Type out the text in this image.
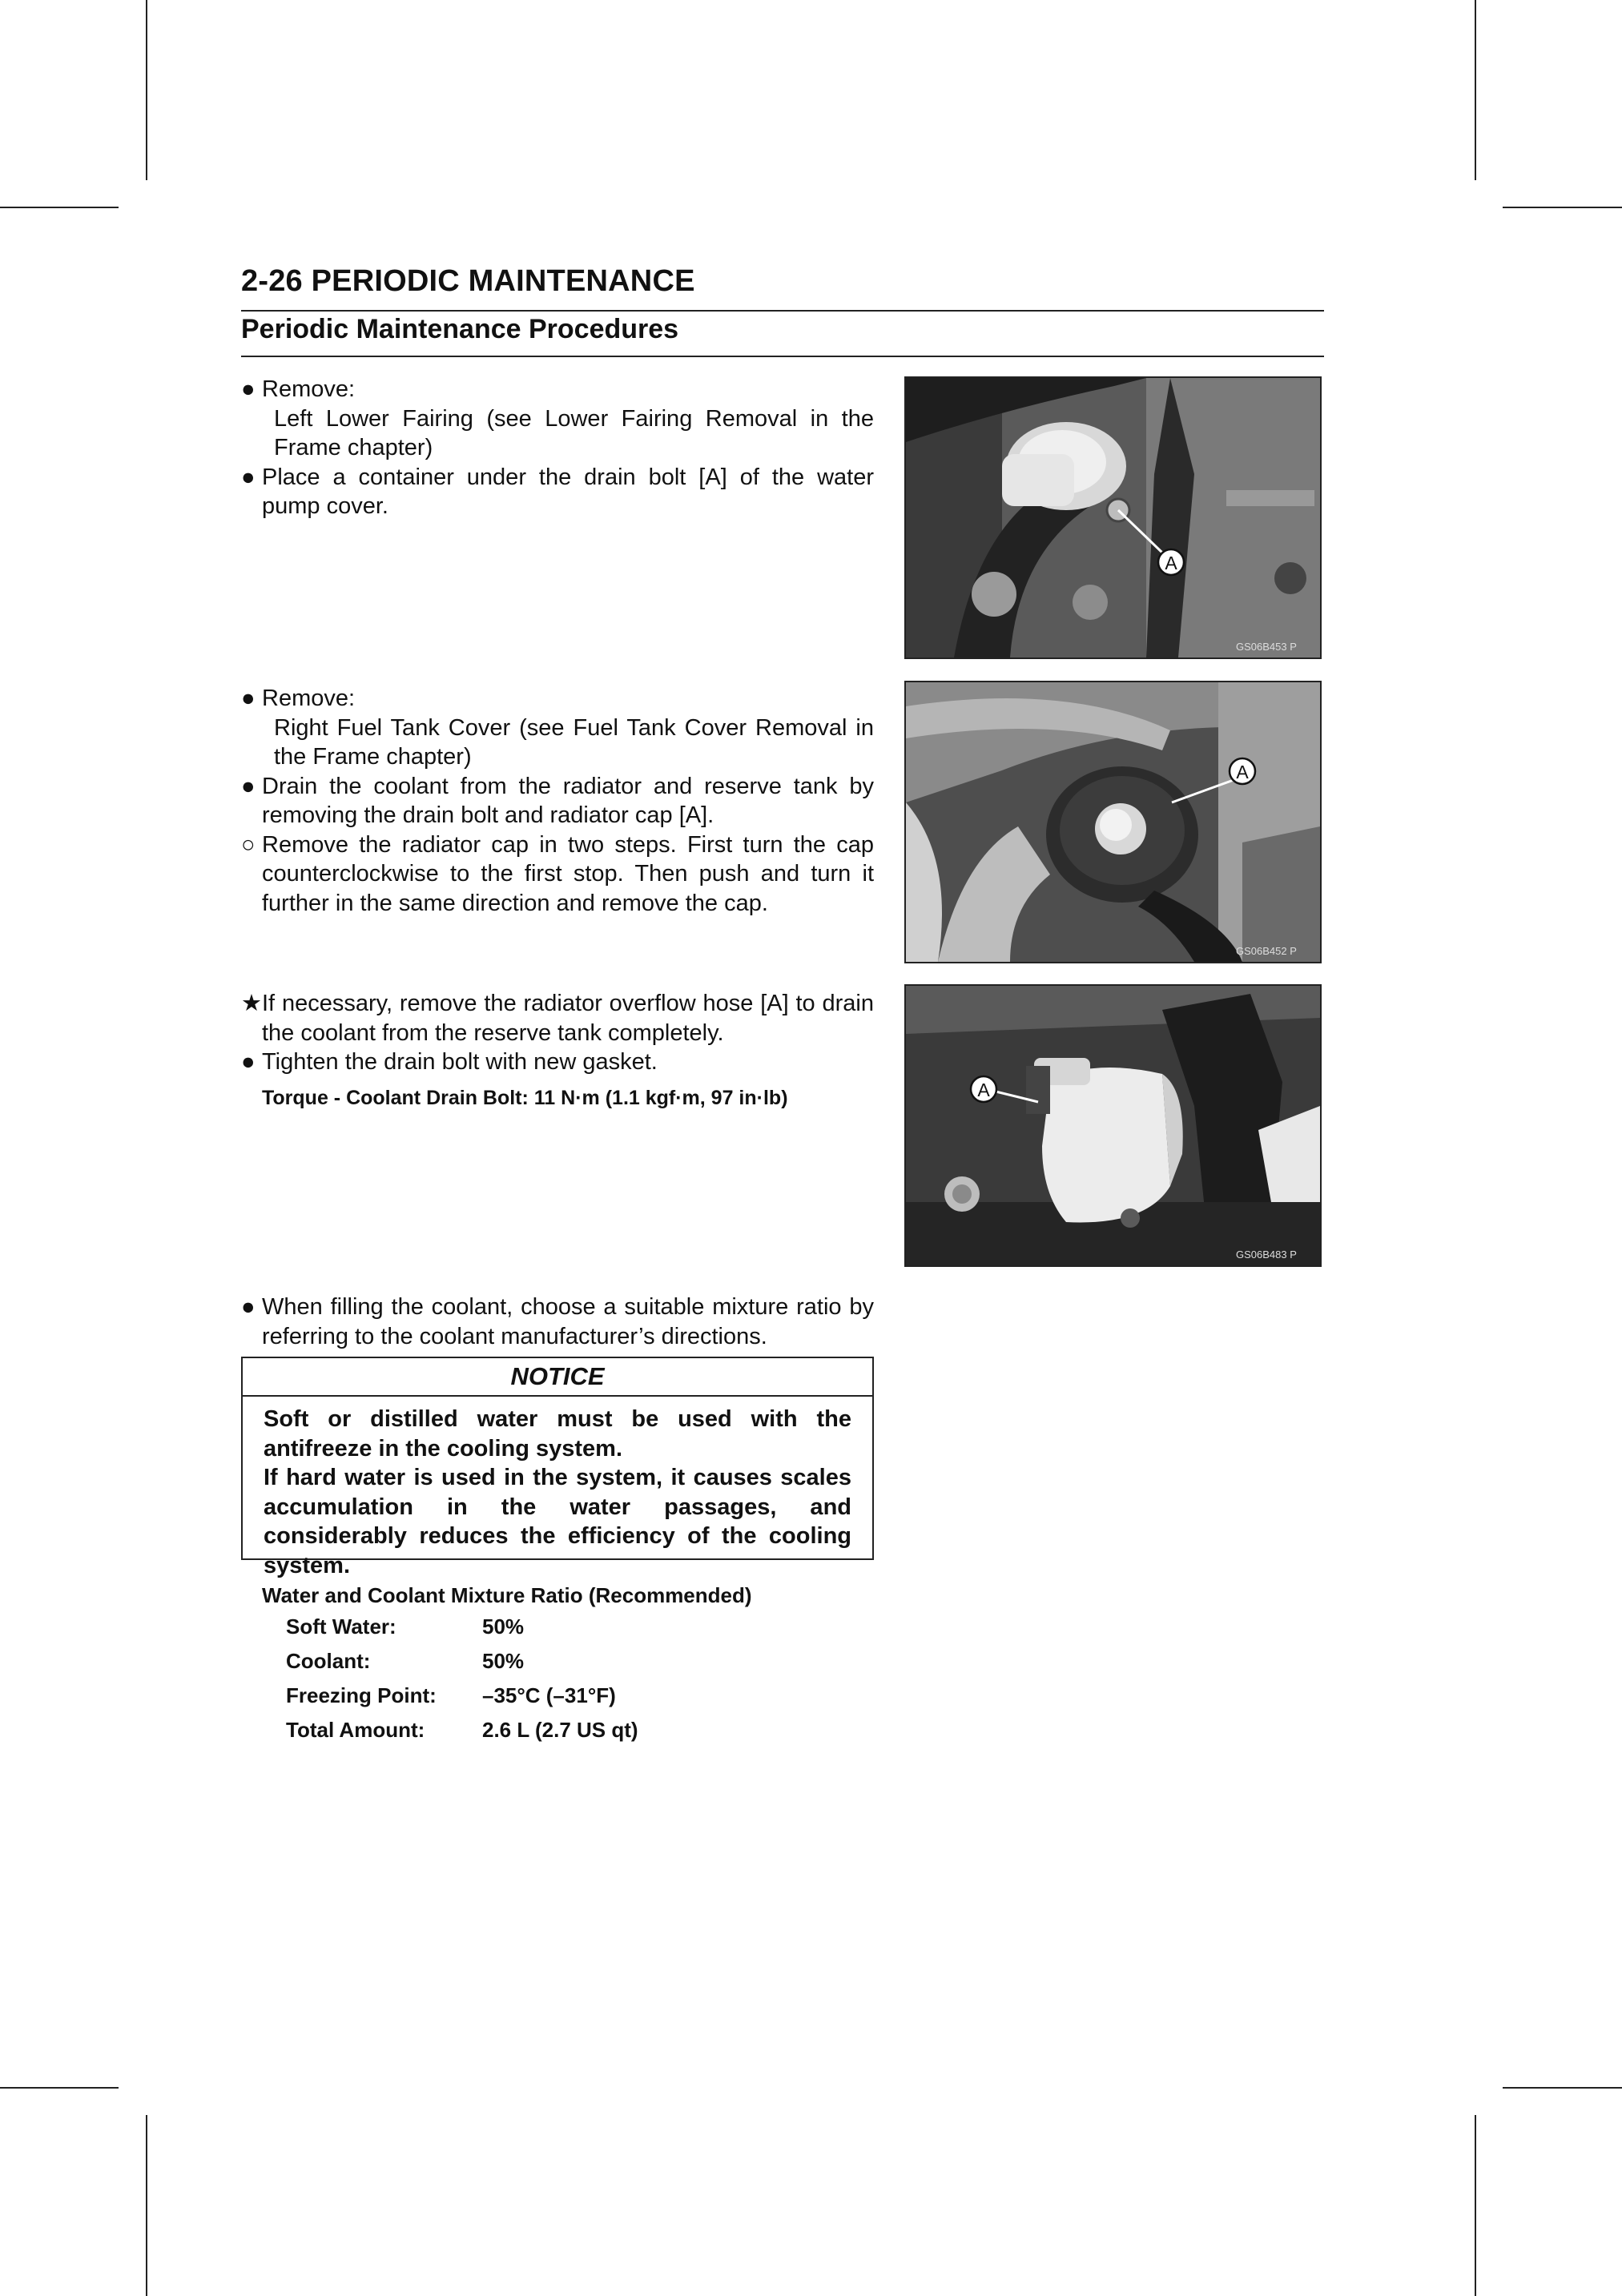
2-26 PERIODIC MAINTENANCE
Periodic Maintenance Procedures
● Remove:
Left Lower Fairing (see Lower Fairing Removal in the Frame chapter)
● Place a container under the drain bolt [A] of the water pump cover.
● Remove:
Right Fuel Tank Cover (see Fuel Tank Cover Removal in the Frame chapter)
● Drain the coolant from the radiator and reserve tank by removing the drain bolt and radiator cap [A].
○ Remove the radiator cap in two steps. First turn the cap counterclockwise to the first stop. Then push and turn it further in the same direction and remove the cap.
★ If necessary, remove the radiator overflow hose [A] to drain the coolant from the reserve tank completely.
● Tighten the drain bolt with new gasket.
Torque - Coolant Drain Bolt: 11 N·m (1.1 kgf·m, 97 in·lb)
● When filling the coolant, choose a suitable mixture ratio by referring to the coolant manufacturer’s directions.
NOTICE
Soft or distilled water must be used with the antifreeze in the cooling system.
If hard water is used in the system, it causes scales accumulation in the water passages, and considerably reduces the efficiency of the cooling system.
Water and Coolant Mixture Ratio (Recommended)
Soft Water:	50%
Coolant:	50%
Freezing Point: –35°C (–31°F)
Total Amount:	2.6 L (2.7 US qt)
A
GS06B453 P
A
GS06B452 P
A
GS06B483 P
